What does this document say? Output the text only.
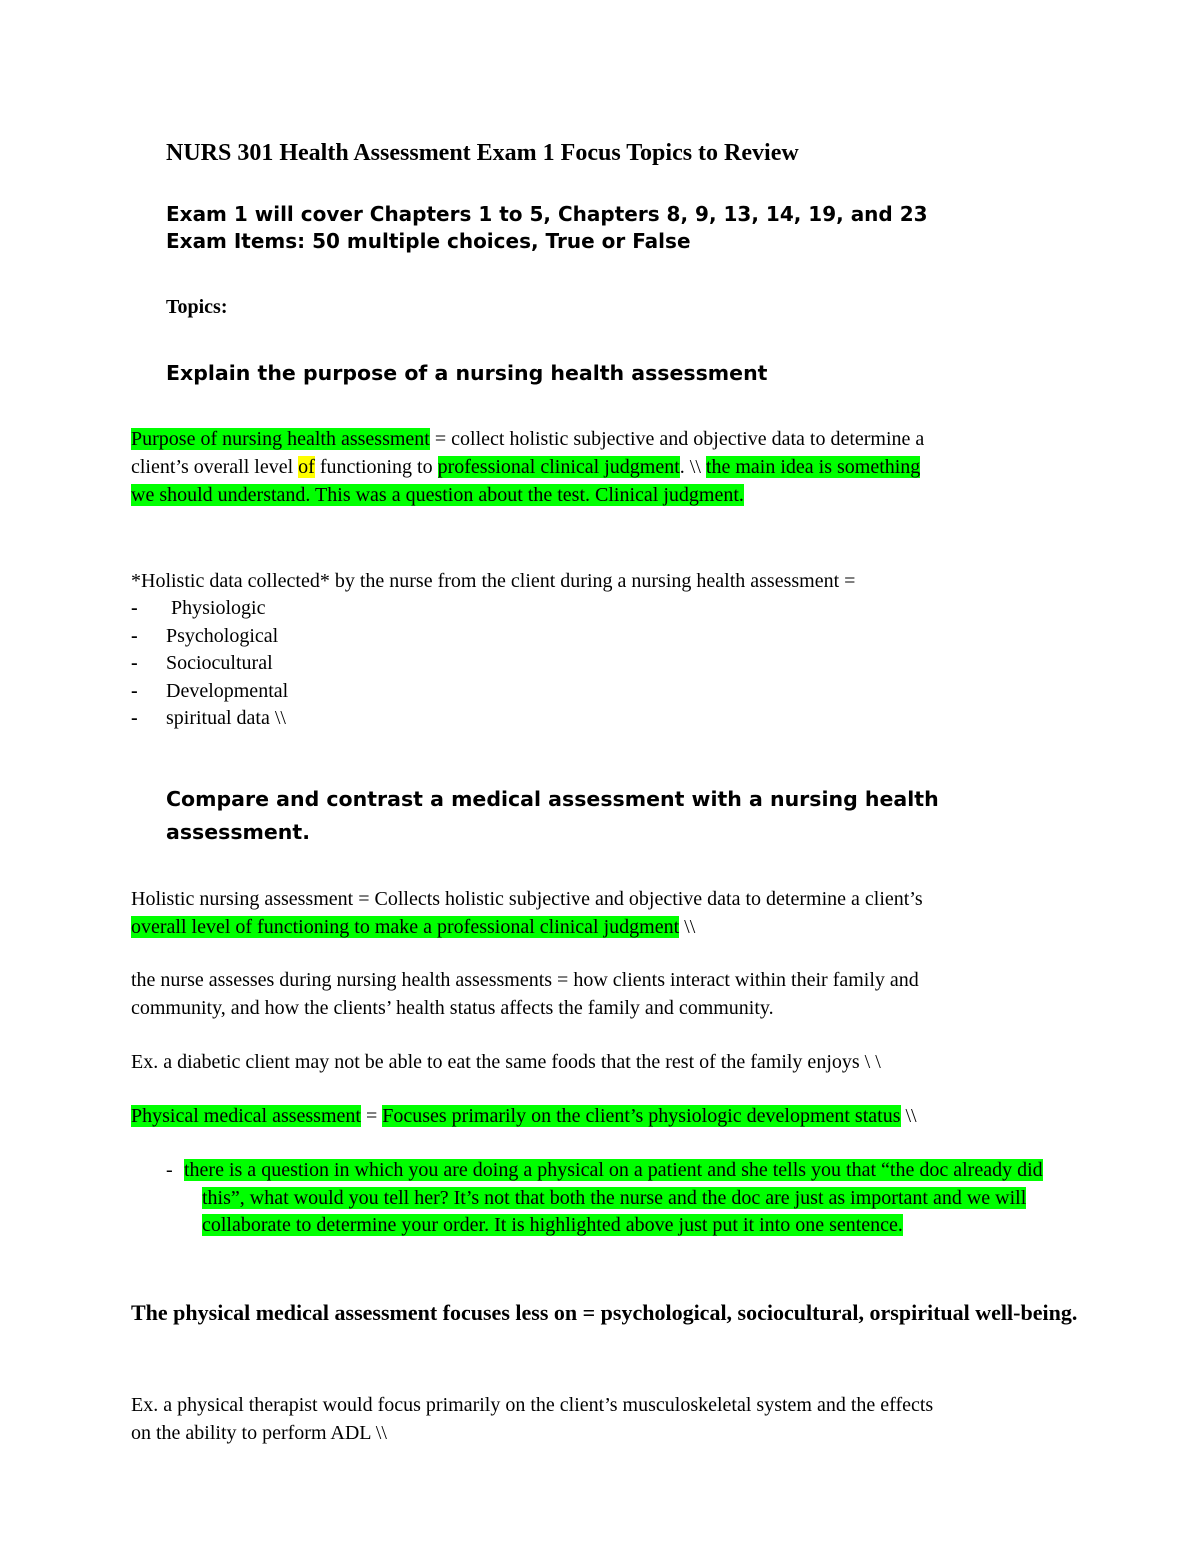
NURS 301 Health Assessment Exam 1 Focus Topics to Review
Exam 1 will cover Chapters 1 to 5, Chapters 8, 9, 13, 14, 19, and 23
Exam Items: 50 multiple choices, True or False
Topics:
Explain the purpose of a nursing health assessment
Purpose of nursing health assessment = collect holistic subjective and objective data to determine a
client’s overall level of functioning to professional clinical judgment. \\ the main idea is something
we should understand. This was a question about the test. Clinical judgment.
*Holistic data collected* by the nurse from the client during a nursing health assessment =
- Physiologic
- Psychological
- Sociocultural
- Developmental
- spiritual data \\
Compare and contrast a medical assessment with a nursing health assessment.
Holistic nursing assessment = Collects holistic subjective and objective data to determine a client’s
overall level of functioning to make a professional clinical judgment \\
the nurse assesses during nursing health assessments = how clients interact within their family and
community, and how the clients’ health status affects the family and community.
Ex. a diabetic client may not be able to eat the same foods that the rest of the family enjoys \ \
Physical medical assessment = Focuses primarily on the client’s physiologic development status \\
- there is a question in which you are doing a physical on a patient and she tells you that “the doc already did this”, what would you tell her? It’s not that both the nurse and the doc are just as important and we will collaborate to determine your order. It is highlighted above just put it into one sentence.
The physical medical assessment focuses less on = psychological, sociocultural, orspiritual well-being.
Ex. a physical therapist would focus primarily on the client’s musculoskeletal system and the effects
on the ability to perform ADL \\
